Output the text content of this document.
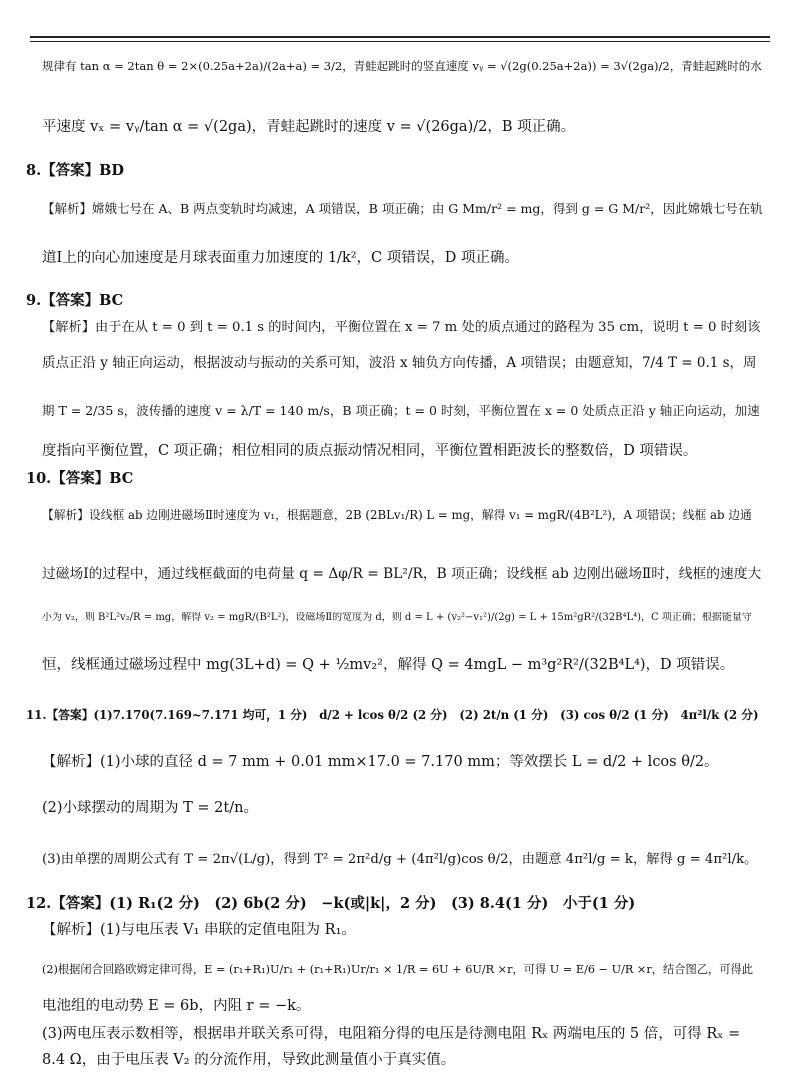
规律有 tan α = 2tan θ = 2×(0.25a+2a)/(2a+a) = 3/2，青蛙起跳时的竖直速度 vᵧ = √(2g(0.25a+2a)) = 3√(2ga)/2，青蛙起跳时的水
平速度 vₓ = vᵧ/tan α = √(2ga)，青蛙起跳时的速度 v = √(26ga)/2，B 项正确。
8.【答案】BD
【解析】嫦娥七号在 A、B 两点变轨时均减速，A 项错误，B 项正确；由 G Mm/r² = mg，得到 g = G M/r²，因此嫦娥七号在轨
道Ⅰ上的向心加速度是月球表面重力加速度的 1/k²，C 项错误，D 项正确。
9.【答案】BC
【解析】由于在从 t = 0 到 t = 0.1 s 的时间内，平衡位置在 x = 7 m 处的质点通过的路程为 35 cm，说明 t = 0 时刻该
质点正沿 y 轴正向运动，根据波动与振动的关系可知，波沿 x 轴负方向传播，A 项错误；由题意知，7/4 T = 0.1 s，周
期 T = 2/35 s，波传播的速度 v = λ/T = 140 m/s，B 项正确；t = 0 时刻，平衡位置在 x = 0 处质点正沿 y 轴正向运动，加速
度指向平衡位置，C 项正确；相位相同的质点振动情况相同，平衡位置相距波长的整数倍，D 项错误。
10.【答案】BC
【解析】设线框 ab 边刚进磁场Ⅱ时速度为 v₁，根据题意，2B (2BLv₁/R) L = mg，解得 v₁ = mgR/(4B²L²)，A 项错误；线框 ab 边通
过磁场Ⅰ的过程中，通过线框截面的电荷量 q = Δφ/R = BL²/R，B 项正确；设线框 ab 边刚出磁场Ⅱ时，线框的速度大
小为 v₂，则 B²L²v₂/R = mg，解得 v₂ = mgR/(B²L²)，设磁场Ⅱ的宽度为 d，则 d = L + (v₂²−v₁²)/(2g) = L + 15m²gR²/(32B⁴L⁴)，C 项正确；根据能量守
恒，线框通过磁场过程中 mg(3L+d) = Q + ½mv₂²，解得 Q = 4mgL − m³g²R²/(32B⁴L⁴)，D 项错误。
11.【答案】(1)7.170(7.169~7.171 均可，1 分)　d/2 + lcos θ/2 (2 分)　(2) 2t/n (1 分)　(3) cos θ/2 (1 分)　4π²l/k (2 分)
【解析】(1)小球的直径 d = 7 mm + 0.01 mm×17.0 = 7.170 mm；等效摆长 L = d/2 + lcos θ/2。
(2)小球摆动的周期为 T = 2t/n。
(3)由单摆的周期公式有 T = 2π√(L/g)，得到 T² = 2π²d/g + (4π²l/g)cos θ/2，由题意 4π²l/g = k，解得 g = 4π²l/k。
12.【答案】(1) R₁(2 分)　(2) 6b(2 分)　−k(或|k|，2 分)　(3) 8.4(1 分)　小于(1 分)
【解析】(1)与电压表 V₁ 串联的定值电阻为 R₁。
(2)根据闭合回路欧姆定律可得，E = (r₁+R₁)U/r₁ + (r₁+R₁)Ur/r₁ × 1/R = 6U + 6U/R ×r，可得 U = E/6 − U/R ×r，结合图乙，可得此
电池组的电动势 E = 6b，内阻 r = −k。
(3)两电压表示数相等，根据串并联关系可得，电阻箱分得的电压是待测电阻 Rₓ 两端电压的 5 倍，可得 Rₓ =
8.4 Ω，由于电压表 V₂ 的分流作用，导致此测量值小于真实值。
